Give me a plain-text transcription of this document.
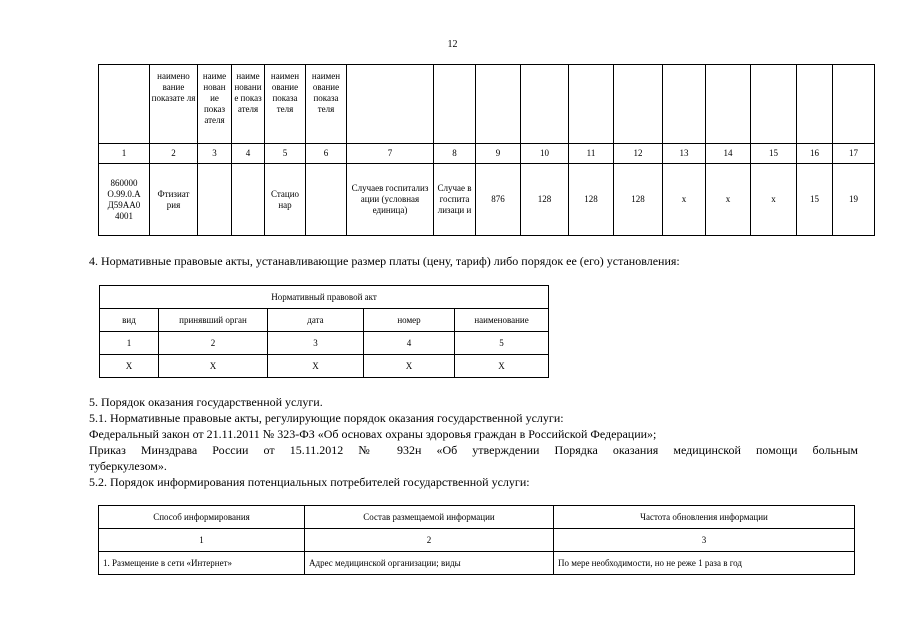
12
	наимено вание показате ля	наиме нован ие показ ателя	наиме новани е показ ателя	наимен ование показа теля	наимен ование показа теля											
1	2	3	4	5	6	7	8	9	10	11	12	13	14	15	16	17
860000 О.99.0.А Д59АА0 4001	Фтизиат рия			Стацио нар		Случаев госпитализ ации (условная единица)	Случае в госпита лизаци и	876	128	128	128	х	х	х	15	19
4. Нормативные правовые акты, устанавливающие размер платы (цену, тариф) либо порядок ее (его) установления:
Нормативный правовой акт				
вид	принявший орган	дата	номер	наименование
1	2	3	4	5
Х	Х	Х	Х	Х
5. Порядок оказания государственной услуги.
5.1. Нормативные правовые акты, регулирующие порядок оказания государственной услуги:
Федеральный закон от 21.11.2011 № 323-ФЗ «Об основах охраны здоровья граждан в Российской Федерации»;
Приказ Минздрава России от 15.11.2012 № 932н «Об утверждении Порядка оказания медицинской помощи больным
туберкулезом».
5.2. Порядок информирования потенциальных потребителей государственной услуги:
Способ информирования	Состав размещаемой информации	Частота обновления информации
1	2	3
1. Размещение в сети «Интернет»	Адрес медицинской организации; виды	По мере необходимости, но не реже 1 раза в год
